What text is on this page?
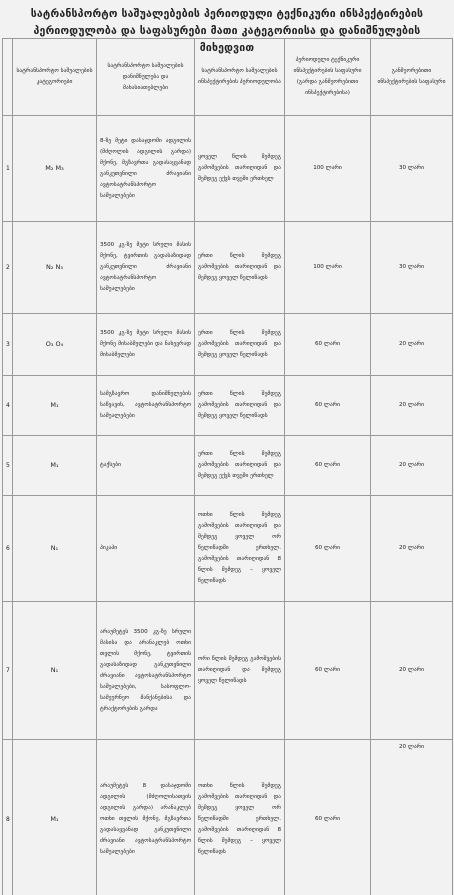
სატრანსპორტო საშუალებების პერიოდული ტექნიკური ინსპექტირების
პერიოდულობა და საფასურები მათი კატეგორიისა და დანიშნულების მიხედვით
	სატრანსპორტო საშუალების კატეგორიები	სატრანსპორტო საშუალების დანიშნულება და მახასიათებლები	სატრანსპორტო საშუალების ინსპექტირების პერიოდულობა	პერიოდული ტექნიკური ინსპექტირების საფასური (გარდა განმეორებითი ინსპექტირებისა)	განმეორებითი ინსპექტირების საფასური
1	M₂ M₃	8-ზე მეტი დასაჯდომი ადგილის (მძღოლის ადგილის გარდა) მქონე, მგზავრთა გადასაყვანად განკუთვნილი ძრავიანი ავტოსატრანსპორტო საშუალებები	ყოველ წლის შემდეგ გამოშვების თარიღიდან და შემდეგ ექვს თვეში ერთხელ	100 ლარი	30 ლარი
2	N₂ N₃	3500 კგ-ზე მეტი სრული მასის მქონე, ტვირთის გადასაზიდად განკუთვნილი ძრავიანი ავტოსატრანსპორტო საშუალებები	ერთი წლის შემდეგ გამოშვების თარიღიდან და შემდეგ ყოველ წელიწადს	100 ლარი	30 ლარი
3	O₃ O₄	3500 კგ-ზე მეტი სრული მასის მქონე მისაბმელები და ნახევრად მისაბმელები	ერთი წლის შემდეგ გამოშვების თარიღიდან და შემდეგ ყოველ წელიწადს	60 ლარი	20 ლარი
4	M₁	სამგზავრო დანიშნულების საწვავის, ავტოსატრანსპორტო საშუალებები	ერთი წლის შემდეგ გამოშვების თარიღიდან და შემდეგ ყოველ წელიწადს	60 ლარი	20 ლარი
5	M₁	ტაქსები	ერთი წლის შემდეგ გამოშვების თარიღიდან და შემდეგ ექვს თვეში ერთხელ	60 ლარი	20 ლარი
6	N₁	პიკაპი	ოთხი წლის შემდეგ გამოშვების თარიღიდან და შემდეგ ყოველ ორ წელიწადში ერთხელ. გამოშვების თარიღიდან 8 წლის შემდეგ – ყოველ წელიწადს	60 ლარი	20 ლარი
7	N₁	არაუმეტეს 3500 კგ-ზე სრული მასისა და არანაკლებ ოთხი თვლის მქონე, ტვირთის გადასაზიდად განკუთვნილი ძრავიანი ავტოსატრანსპორტო საშუალებები, სასოფლო-სამეურნეო მანქანებისა და ტრაქტორების გარდა	ორი წლის შემდეგ გამოშვების თარიღიდან და შემდეგ ყოველ წელიწადს	60 ლარი	20 ლარი
8	M₁	არაუმეტეს 8 დასაჯდომი ადგილის (მძღოლისათვის ადგილის გარდა) არანაკლებ ოთხი თვლის მქონე, მგზავრთა გადასაყვანად განკუთვნილი ძრავიანი ავტოსატრანსპორტო საშუალებები	ოთხი წლის შემდეგ გამოშვების თარიღიდან და შემდეგ ყოველ ორ წელიწადში ერთხელ. გამოშვების თარიღიდან 8 წლის შემდეგ – ყოველ წელიწადს	60 ლარი	20 ლარი
